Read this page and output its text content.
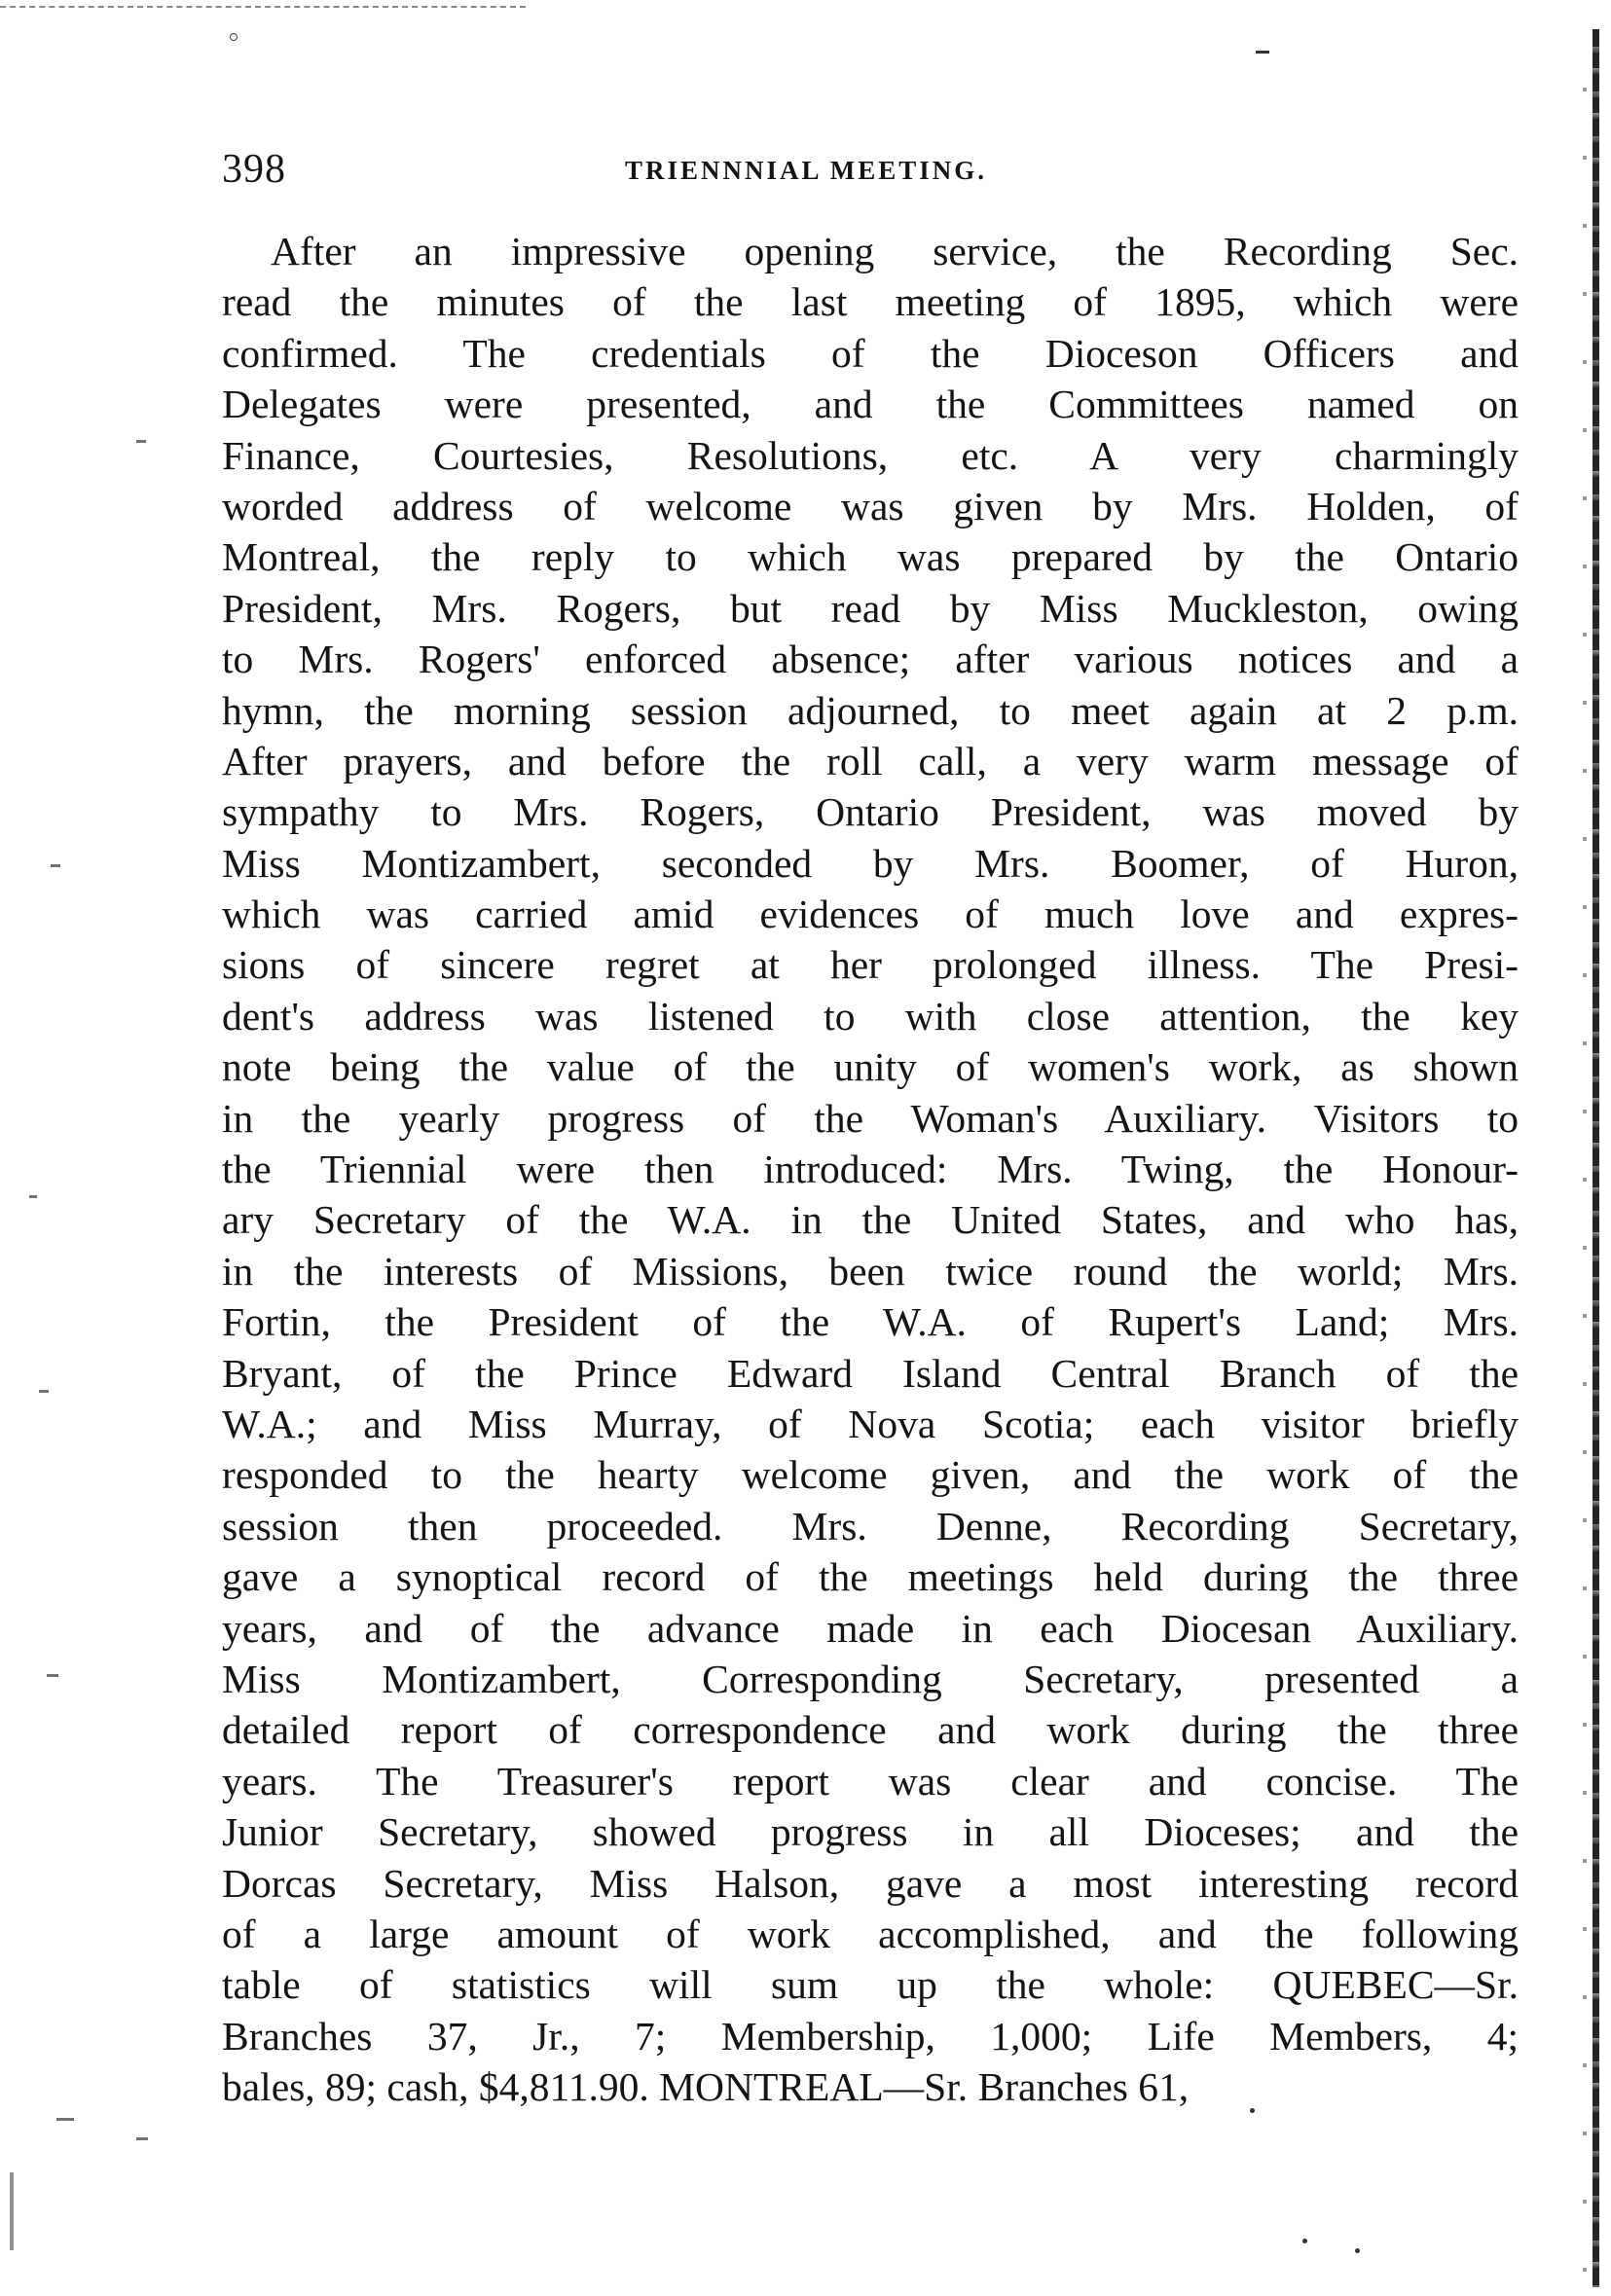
398	TRIENNNIAL MEETING.
After an impressive opening service, the Recording Sec.
read the minutes of the last meeting of 1895, which were
confirmed. The credentials of the Dioceson Officers and
Delegates were presented, and the Committees named on
Finance, Courtesies, Resolutions, etc. A very charmingly
worded address of welcome was given by Mrs. Holden, of
Montreal, the reply to which was prepared by the Ontario
President, Mrs. Rogers, but read by Miss Muckleston, owing
to Mrs. Rogers' enforced absence; after various notices and a
hymn, the morning session adjourned, to meet again at 2 p.m.
After prayers, and before the roll call, a very warm message of
sympathy to Mrs. Rogers, Ontario President, was moved by
Miss Montizambert, seconded by Mrs. Boomer, of Huron,
which was carried amid evidences of much love and expres-
sions of sincere regret at her prolonged illness. The Presi-
dent's address was listened to with close attention, the key
note being the value of the unity of women's work, as shown
in the yearly progress of the Woman's Auxiliary. Visitors to
the Triennial were then introduced: Mrs. Twing, the Honour-
ary Secretary of the W.A. in the United States, and who has,
in the interests of Missions, been twice round the world; Mrs.
Fortin, the President of the W.A. of Rupert's Land; Mrs.
Bryant, of the Prince Edward Island Central Branch of the
W.A.; and Miss Murray, of Nova Scotia; each visitor briefly
responded to the hearty welcome given, and the work of the
session then proceeded. Mrs. Denne, Recording Secretary,
gave a synoptical record of the meetings held during the three
years, and of the advance made in each Diocesan Auxiliary.
Miss Montizambert, Corresponding Secretary, presented a
detailed report of correspondence and work during the three
years. The Treasurer's report was clear and concise. The
Junior Secretary, showed progress in all Dioceses; and the
Dorcas Secretary, Miss Halson, gave a most interesting record
of a large amount of work accomplished, and the following
table of statistics will sum up the whole: QUEBEC—Sr.
Branches 37, Jr., 7; Membership, 1,000; Life Members, 4;
bales, 89; cash, $4,811.90. MONTREAL—Sr. Branches 61,
